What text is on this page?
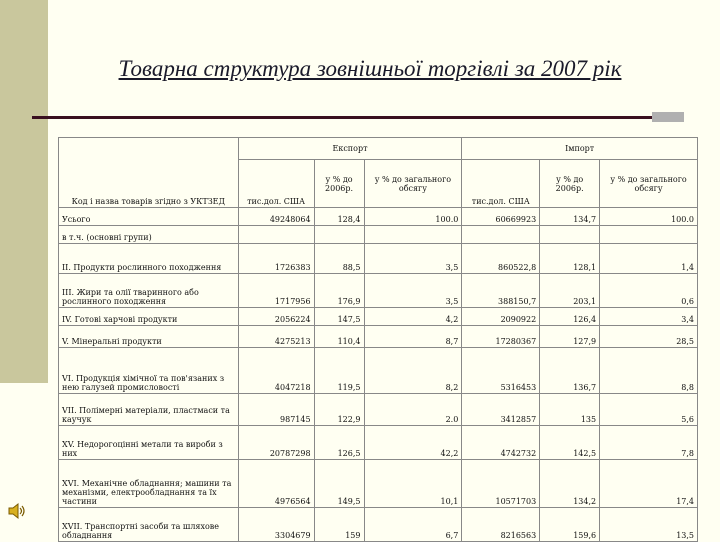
Товарна структура зовнішньої торгівлі за 2007 рік
Код і назва товарів згідно з УКТЗЕД	Експорт			Імпорт		
	тис.дол. США	у % до 2006р.	у % до загального обсягу	тис.дол. США	у % до 2006р.	у % до загального обсягу
Усього	49248064	128,4	100.0	60669923	134,7	100.0
в т.ч. (основні групи)						
II. Продукти рослинного походження	1726383	88,5	3,5	860522,8	128,1	1,4
III. Жири та олії тваринного або рослинного походження	1717956	176,9	3,5	388150,7	203,1	0,6
IV. Готові харчові продукти	2056224	147,5	4,2	2090922	126,4	3,4
V. Мінеральні продукти	4275213	110,4	8,7	17280367	127,9	28,5
VI. Продукція хімічної та пов'язаних з нею галузей промисловості	4047218	119,5	8,2	5316453	136,7	8,8
VII. Полімерні матеріали, пластмаси та каучук	987145	122,9	2.0	3412857	135	5,6
XV. Недорогоцінні метали та вироби з них	20787298	126,5	42,2	4742732	142,5	7,8
XVI. Механічне обладнання; машини та механізми, електрообладнання та їх частини	4976564	149,5	10,1	10571703	134,2	17,4
XVII. Транспортні засоби та шляхове обладнання	3304679	159	6,7	8216563	159,6	13,5
